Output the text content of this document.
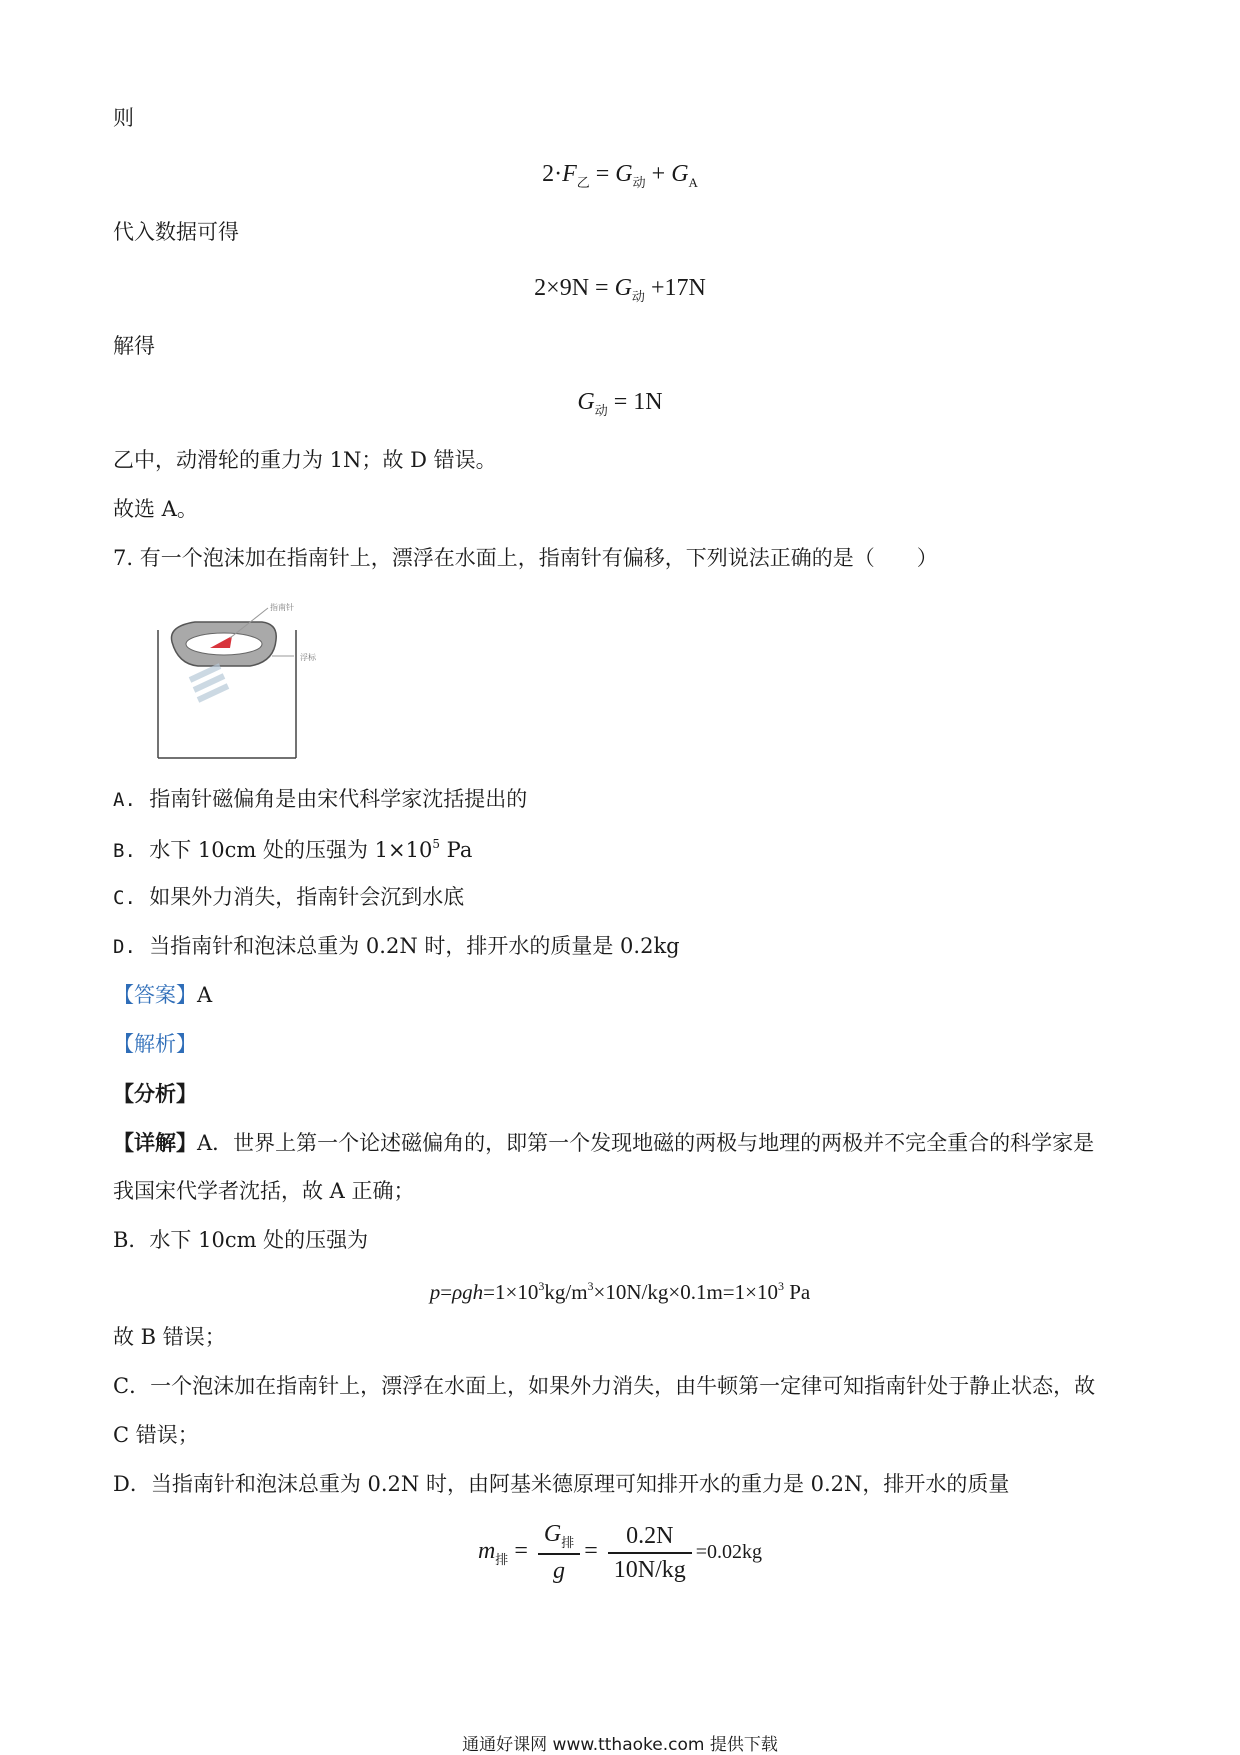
则
$2\cdot F_乙 = G_动 + G_A$
代入数据可得
$2\times 9N = G_动 +17N$
解得
$G_动 = 1N$
乙中，动滑轮的重力为 1N；故 D 错误。
故选 A。
7. 有一个泡沫加在指南针上，漂浮在水面上，指南针有偏移，下列说法正确的是（　　）
指南针
浮标
A. 指南针磁偏角是由宋代科学家沈括提出的
B. 水下 10cm 处的压强为 $1\times 10^5$ Pa
C. 如果外力消失，指南针会沉到水底
D. 当指南针和泡沫总重为 0.2N 时，排开水的质量是 0.2kg
【答案】A
【解析】
【分析】
【详解】A．世界上第一个论述磁偏角的，即第一个发现地磁的两极与地理的两极并不完全重合的科学家是
我国宋代学者沈括，故 A 正确；
B．水下 10cm 处的压强为
$p=\rho gh=1\times 10^3kg/m^3\times 10N/kg\times 0.1m=1\times 10^3$ Pa
故 B 错误；
C．一个泡沫加在指南针上，漂浮在水面上，如果外力消失，由牛顿第一定律可知指南针处于静止状态，故
C 错误；
D．当指南针和泡沫总重为 0.2N 时，由阿基米德原理可知排开水的重力是 0.2N，排开水的质量
$m_排 = \frac{G_排}{g} = \frac{0.2N}{10N/kg} =0.02kg$
通通好课网 www.tthaoke.com 提供下载
